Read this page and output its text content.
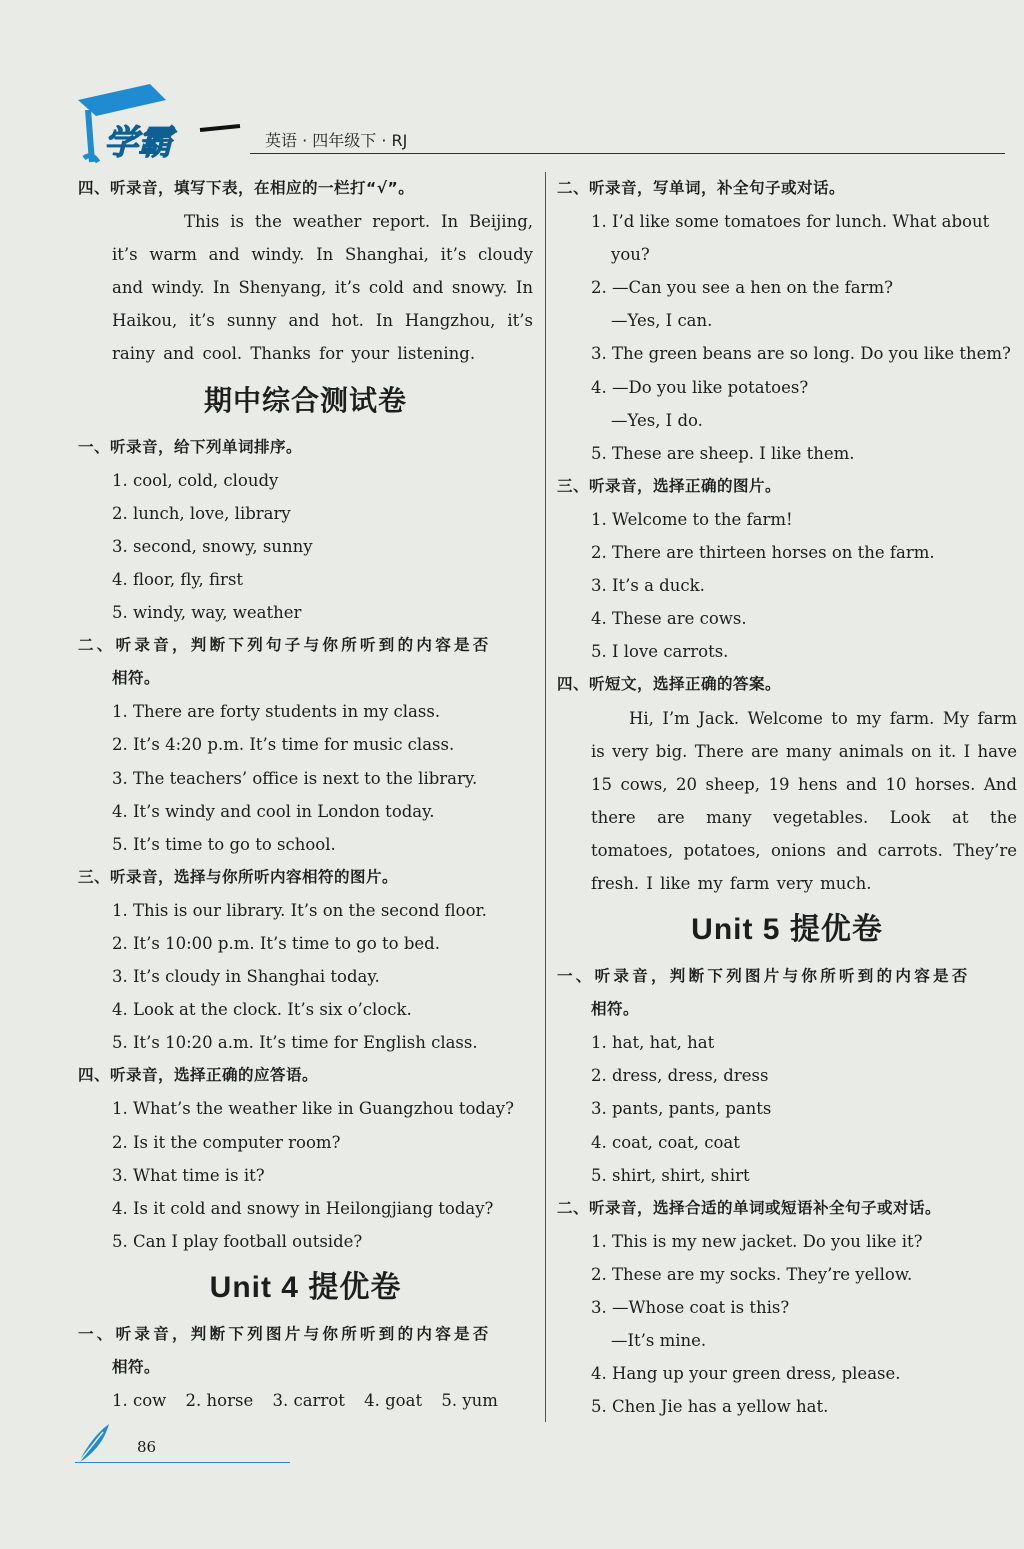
学霸	英语 · 四年级下 · RJ
四、听录音，填写下表，在相应的一栏打“√”。
This is the weather report. In Beijing, it’s warm and windy. In Shanghai, it’s cloudy and windy. In Shenyang, it’s cold and snowy. In Haikou, it’s sunny and hot. In Hangzhou, it’s rainy and cool. Thanks for your listening.
期中综合测试卷
一、听录音，给下列单词排序。
1. cool, cold, cloudy
2. lunch, love, library
3. second, snowy, sunny
4. floor, fly, first
5. windy, way, weather
二、听录音，判断下列句子与你所听到的内容是否
相符。
1. There are forty students in my class.
2. It’s 4:20 p.m. It’s time for music class.
3. The teachers’ office is next to the library.
4. It’s windy and cool in London today.
5. It’s time to go to school.
三、听录音，选择与你所听内容相符的图片。
1. This is our library. It’s on the second floor.
2. It’s 10:00 p.m. It’s time to go to bed.
3. It’s cloudy in Shanghai today.
4. Look at the clock. It’s six o’clock.
5. It’s 10:20 a.m. It’s time for English class.
四、听录音，选择正确的应答语。
1. What’s the weather like in Guangzhou today?
2. Is it the computer room?
3. What time is it?
4. Is it cold and snowy in Heilongjiang today?
5. Can I play football outside?
Unit 4 提优卷
一、听录音，判断下列图片与你所听到的内容是否
相符。
1. cow 2. horse 3. carrot 4. goat 5. yum
二、听录音，写单词，补全句子或对话。
1. I’d like some tomatoes for lunch. What about
you?
2. —Can you see a hen on the farm?
—Yes, I can.
3. The green beans are so long. Do you like them?
4. —Do you like potatoes?
—Yes, I do.
5. These are sheep. I like them.
三、听录音，选择正确的图片。
1. Welcome to the farm!
2. There are thirteen horses on the farm.
3. It’s a duck.
4. These are cows.
5. I love carrots.
四、听短文，选择正确的答案。
Hi, I’m Jack. Welcome to my farm. My farm is very big. There are many animals on it. I have 15 cows, 20 sheep, 19 hens and 10 horses. And there are many vegetables. Look at the tomatoes, potatoes, onions and carrots. They’re fresh. I like my farm very much.
Unit 5 提优卷
一、听录音，判断下列图片与你所听到的内容是否
相符。
1. hat, hat, hat
2. dress, dress, dress
3. pants, pants, pants
4. coat, coat, coat
5. shirt, shirt, shirt
二、听录音，选择合适的单词或短语补全句子或对话。
1. This is my new jacket. Do you like it?
2. These are my socks. They’re yellow.
3. —Whose coat is this?
—It’s mine.
4. Hang up your green dress, please.
5. Chen Jie has a yellow hat.
86
